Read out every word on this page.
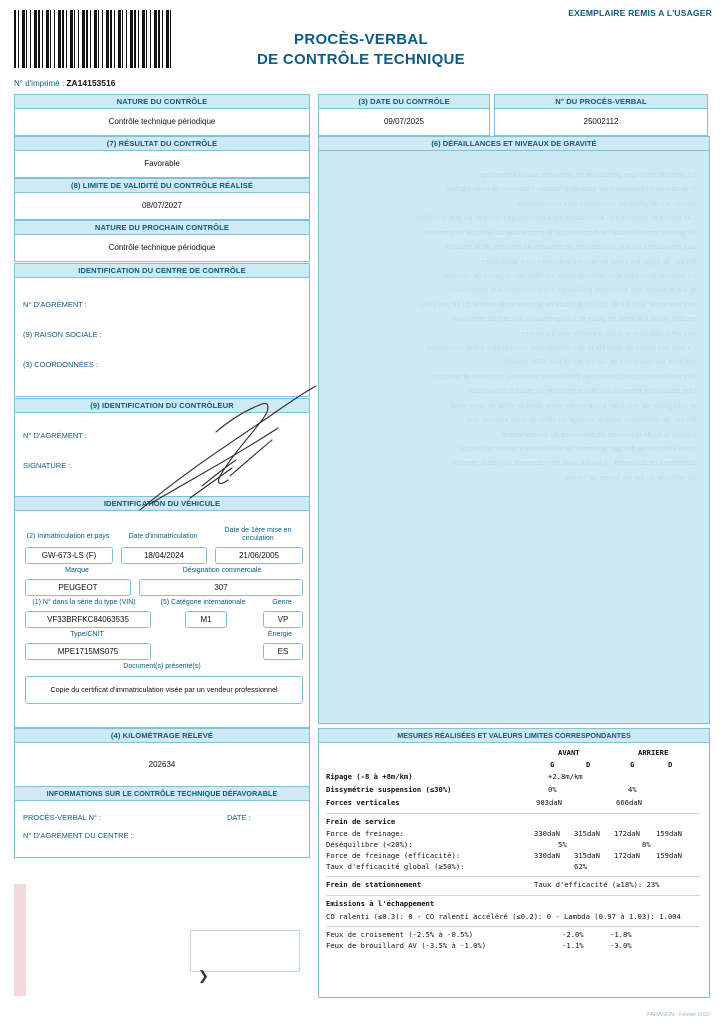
EXEMPLAIRE REMIS A L'USAGER
PROCÈS-VERBAL
DE CONTRÔLE TECHNIQUE
N° d'imprimé : ZA14153516
NATURE DU CONTRÔLE
Contrôle technique périodique
(3) DATE DU CONTRÔLE
09/07/2025
N° DU PROCÈS-VERBAL
25002112
(7) RÉSULTAT DU CONTRÔLE
Favorable
(8) LIMITE DE VALIDITÉ DU CONTRÔLE RÉALISÉ
08/07/2027
NATURE DU PROCHAIN CONTRÔLE
Contrôle technique périodique
IDENTIFICATION DU CENTRE DE CONTRÔLE
N° D'AGRÉMENT :
(9) RAISON SOCIALE :
(3) COORDONNÉES :
(9) IDENTIFICATION DU CONTRÔLEUR
N° D'AGRÉMENT :
SIGNATURE :
IDENTIFICATION DU VÉHICULE
(2) Immatriculation et pays	Date d'immatriculation
Date de 1ère mise en circulation
GW-673-LS (F)	18/04/2024	21/06/2005
Marque	Désignation commerciale
PEUGEOT	307
(1) N° dans la série du type (VIN)	(5) Catégorie internationale	Genre
VF33BRFKC84063535	M1	VP
Type/CNIT	Énergie
MPE1715MS075	ES
Document(s) présenté(s)
Copie du certificat d'immatriculation visée par un vendeur professionnel
(4) KILOMÉTRAGE RELEVÉ
202634
INFORMATIONS SUR LE CONTRÔLE TECHNIQUE DÉFAVORABLE
PROCÈS-VERBAL N° :	DATE :
N° D'AGRÉMENT DU CENTRE :
❯
(6) DÉFAILLANCES ET NIVEAUX DE GRAVITÉ
Le contrôle technique périodique ne comporte aucun démontage.
Il ne saurait en conséquence garantir à l'usager l'absence de vices cachés.
Seules les défaillances constatées sont mentionnées.
Les pièces et organes non accessibles sans démontage n'ont pas pu être contrôlés.
Le présent procès-verbal ne dispense pas le propriétaire du véhicule de procéder
aux réparations ou aux vérifications nécessaires au maintien de la sécurité.
En cas de litige, les voies de recours ordinaires sont applicables.
Le contrôle technique d'un véhicule porte sur l'état des organes de sécurité
et sur le niveau des émissions polluantes, conformément aux dispositions
des articles R. 323-1 à R. 323-26 du code de la route et de l'arrêté du 18 juin 1991
modifié relatif à la mise en place et à l'organisation du contrôle technique
des véhicules dont le poids n'excède pas 3,5 tonnes.
La liste des points de contrôle et des défaillances susceptibles d'être constatées
est fixée par l'annexe I de l'arrêté du 18 juin 1991 modifié.
Les défaillances sont classées en défaillances mineures, majeures et critiques.
Une défaillance majeure ou critique entraîne un résultat défavorable
et l'obligation de procéder à une contre-visite dans un délai de deux mois.
En cas de défaillance critique, l'usage du véhicule n'est autorisé que
jusqu'à la fin de la journée de délivrance du procès-verbal.
Votre véhicule ne doit pas présenter de défaillance majeure ou critique.
Conservez ce document : il pourra vous être demandé lors de la revente
du véhicule ou par les forces de l'ordre.
MESURES RÉALISÉES ET VALEURS LIMITES CORRESPONDANTES
AVANT	ARRIERE
G	D	G	D
Ripage (-8 à +8m/km)	+2.8m/km
Dissymétrie suspension (≤30%)	0%	4%
Forces verticales	903daN	666daN
Frein de service
Force de freinage:	330daN 315daN 172daN 159daN
Déséquilibre (<20%):	5%	8%
Force de freinage (efficacité):	330daN 315daN 172daN 159daN
Taux d'efficacité global (≥50%):	62%
Frein de stationnement	Taux d'efficacité (≥18%): 23%
Emissions à l'échappement
CO ralenti (≤0.3): 0 - CO ralenti accéléré (≤0.2): 0 - Lambda (0.97 à 1.03): 1.004
Feux de croisement (-2.5% à -0.5%)	-2.0%	-1.8%
Feux de brouillard AV (-3.5% à -1.0%)	-1.1%	-3.0%
PARAGON - Février 2022
